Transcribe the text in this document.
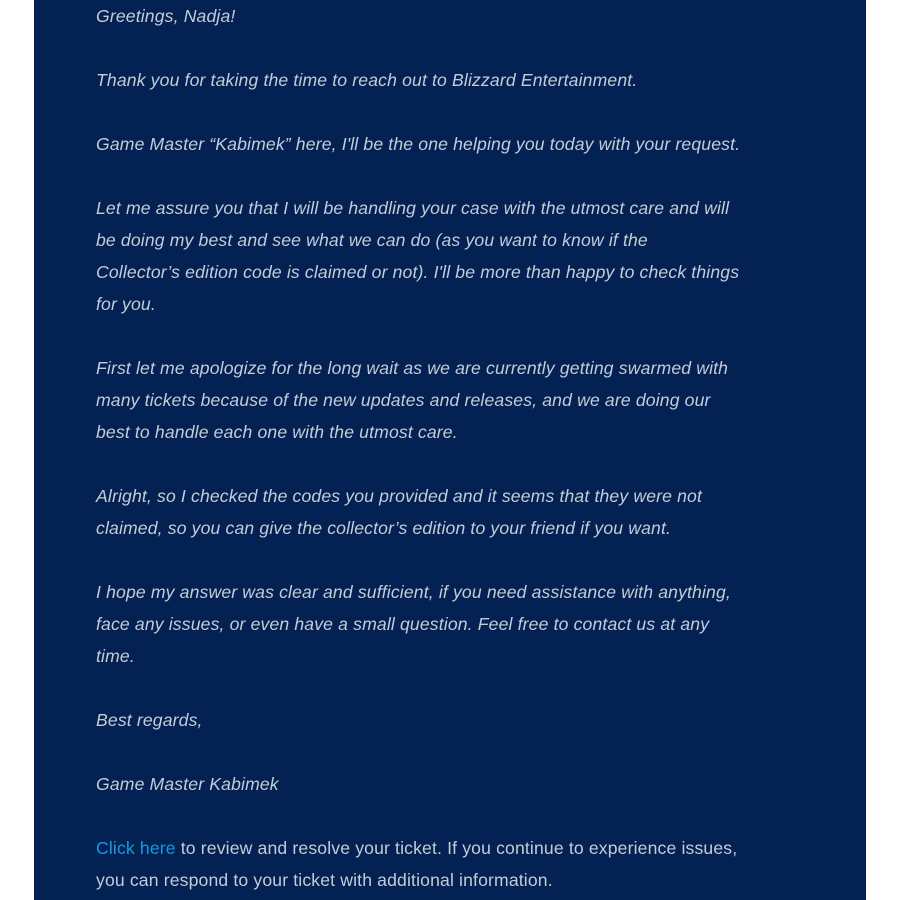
Greetings, Nadja!

Thank you for taking the time to reach out to Blizzard Entertainment.

Game Master “Kabimek” here, I'll be the one helping you today with your request.

Let me assure you that I will be handling your case with the utmost care and will
be doing my best and see what we can do (as you want to know if the
Collector’s edition code is claimed or not). I'll be more than happy to check things
for you.

First let me apologize for the long wait as we are currently getting swarmed with
many tickets because of the new updates and releases, and we are doing our
best to handle each one with the utmost care.

Alright, so I checked the codes you provided and it seems that they were not
claimed, so you can give the collector’s edition to your friend if you want.

I hope my answer was clear and sufficient, if you need assistance with anything,
face any issues, or even have a small question. Feel free to contact us at any
time.

Best regards,

Game Master Kabimek

Click here to review and resolve your ticket. If you continue to experience issues,
you can respond to your ticket with additional information.
